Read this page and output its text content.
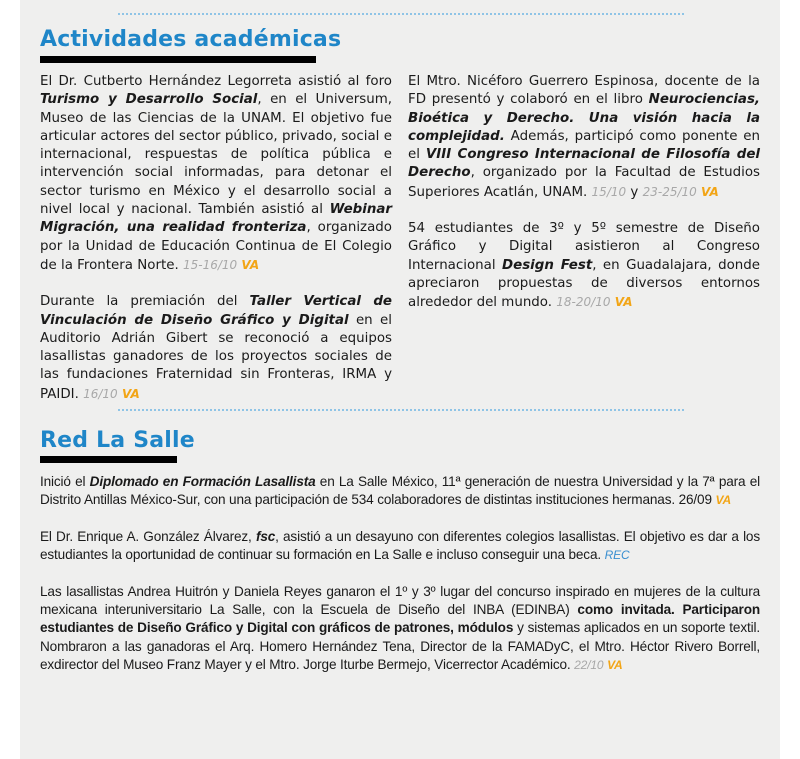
Actividades académicas

El Dr. Cutberto Hernández Legorreta asistió al foro Turismo y Desarrollo Social, en el Universum, Museo de las Ciencias de la UNAM. El objetivo fue articular actores del sector público, privado, social e internacional, respuestas de política pública e intervención social informadas, para detonar el sector turismo en México y el desarrollo social a nivel local y nacional. También asistió al Webinar Migración, una realidad fronteriza, organizado por la Unidad de Educación Continua de El Colegio de la Frontera Norte. 15-16/10 VA

Durante la premiación del Taller Vertical de Vinculación de Diseño Gráfico y Digital en el Auditorio Adrián Gibert se reconoció a equipos lasallistas ganadores de los proyectos sociales de las fundaciones Fraternidad sin Fronteras, IRMA y PAIDI. 16/10 VA

El Mtro. Nicéforo Guerrero Espinosa, docente de la FD presentó y colaboró en el libro Neurociencias, Bioética y Derecho. Una visión hacia la complejidad. Además, participó como ponente en el VIII Congreso Internacional de Filosofía del Derecho, organizado por la Facultad de Estudios Superiores Acatlán, UNAM. 15/10 y 23-25/10 VA

54 estudiantes de 3º y 5º semestre de Diseño Gráfico y Digital asistieron al Congreso Internacional Design Fest, en Guadalajara, donde apreciaron propuestas de diversos entornos alrededor del mundo. 18-20/10 VA

Red La Salle

Inició el Diplomado en Formación Lasallista en La Salle México, 11ª generación de nuestra Universidad y la 7ª para el Distrito Antillas México-Sur, con una participación de 534 colaboradores de distintas instituciones hermanas. 26/09 VA

El Dr. Enrique A. González Álvarez, fsc, asistió a un desayuno con diferentes colegios lasallistas. El objetivo es dar a los estudiantes la oportunidad de continuar su formación en La Salle e incluso conseguir una beca. REC

Las lasallistas Andrea Huitrón y Daniela Reyes ganaron el 1º y 3º lugar del concurso inspirado en mujeres de la cultura mexicana interuniversitario La Salle, con la Escuela de Diseño del INBA (EDINBA) como invitada. Participaron estudiantes de Diseño Gráfico y Digital con gráficos de patrones, módulos y sistemas aplicados en un soporte textil. Nombraron a las ganadoras el Arq. Homero Hernández Tena, Director de la FAMADyC, el Mtro. Héctor Rivero Borrell, exdirector del Museo Franz Mayer y el Mtro. Jorge Iturbe Bermejo, Vicerrector Académico. 22/10 VA
